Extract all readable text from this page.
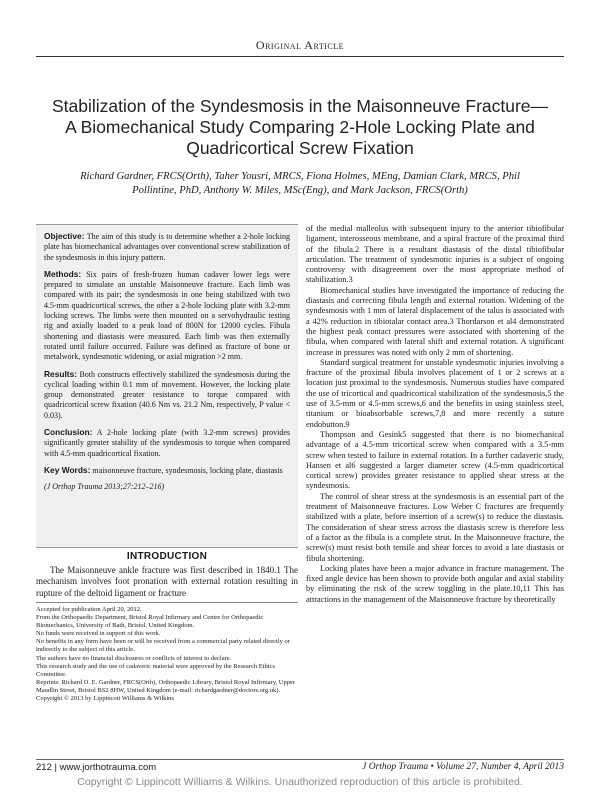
Original Article
Stabilization of the Syndesmosis in the Maisonneuve Fracture—A Biomechanical Study Comparing 2-Hole Locking Plate and Quadricortical Screw Fixation
Richard Gardner, FRCS(Orth), Taher Yousri, MRCS, Fiona Holmes, MEng, Damian Clark, MRCS, Phil Pollintine, PhD, Anthony W. Miles, MSc(Eng), and Mark Jackson, FRCS(Orth)

Objective: The aim of this study is to determine whether a 2-hole locking plate has biomechanical advantages over conventional screw stabilization of the syndesmosis in this injury pattern.

Methods: Six pairs of fresh-frozen human cadaver lower legs were prepared to simulate an unstable Maisonneuve fracture. Each limb was compared with its pair; the syndesmosis in one being stabilized with two 4.5-mm quadricortical screws, the other a 2-hole locking plate with 3.2-mm locking screws. The limbs were then mounted on a servohydraulic testing rig and axially loaded to a peak load of 800N for 12000 cycles. Fibula shortening and diastasis were measured. Each limb was then externally rotated until failure occurred. Failure was defined as fracture of bone or metalwork, syndesmotic widening, or axial migration >2 mm.

Results: Both constructs effectively stabilized the syndesmosis during the cyclical loading within 0.1 mm of movement. However, the locking plate group demonstrated greater resistance to torque compared with quadricortical screw fixation (40.6 Nm vs. 21.2 Nm, respectively, P value < 0.03).

Conclusion: A 2-hole locking plate (with 3.2-mm screws) provides significantly greater stability of the syndesmosis to torque when compared with 4.5-mm quadricortical fixation.

Key Words: maisonneuve fracture, syndesmosis, locking plate, diastasis

(J Orthop Trauma 2013;27:212–216)

INTRODUCTION

The Maisonneuve ankle fracture was first described in 1840.1 The mechanism involves foot pronation with external rotation resulting in rupture of the deltoid ligament or fracture

Accepted for publication April 20, 2012.

From the Orthopaedic Department, Bristol Royal Infirmary and Centre for Orthopaedic Biomechanics, University of Bath, Bristol, United Kingdom.

No funds were received in support of this work.

No benefits in any form have been or will be received from a commercial party related directly or indirectly to the subject of this article.

The authors have no financial disclosures or conflicts of interest to declare.

This research study and the use of cadaveric material were approved by the Research Ethics Committee.

Reprints: Richard O. E. Gardner, FRCS(Orth), Orthopaedic Library, Bristol Royal Infirmary, Upper Maudlin Street, Bristol BS2 8HW, United Kingdom (e-mail: richardgardner@doctors.org.uk).

Copyright © 2013 by Lippincott Williams & Wilkins

of the medial malleolus with subsequent injury to the anterior tibiofibular ligament, interosseous membrane, and a spiral fracture of the proximal third of the fibula.2 There is a resultant diastasis of the distal tibiofibular articulation. The treatment of syndesmotic injuries is a subject of ongoing controversy with disagreement over the most appropriate method of stabilization.3

Biomechanical studies have investigated the importance of reducing the diastasis and correcting fibula length and external rotation. Widening of the syndesmosis with 1 mm of lateral displacement of the talus is associated with a 42% reduction in tibiotalar contact area.3 Thordarson et al4 demonstrated the highest peak contact pressures were associated with shortening of the fibula, when compared with lateral shift and external rotation. A significant increase in pressures was noted with only 2 mm of shortening.

Standard surgical treatment for unstable syndesmotic injuries involving a fracture of the proximal fibula involves placement of 1 or 2 screws at a location just proximal to the syndesmosis. Numerous studies have compared the use of tricortical and quadricortical stabilization of the syndesmosis,5 the use of 3.5-mm or 4.5-mm screws,6 and the benefits in using stainless steel, titanium or bioabsorbable screws,7,8 and more recently a suture endobutton.9

Thompson and Gesink5 suggested that there is no biomechanical advantage of a 4.5-mm tricortical screw when compared with a 3.5-mm screw when tested to failure in external rotation. In a further cadaveric study, Hansen et al6 suggested a larger diameter screw (4.5-mm quadricortical cortical screw) provides greater resistance to applied shear stress at the syndesmosis.

The control of shear stress at the syndesmosis is an essential part of the treatment of Maisonneuve fractures. Low Weber C fractures are frequently stabilized with a plate, before insertion of a screw(s) to reduce the diastasis. The consideration of shear stress across the diastasis screw is therefore less of a factor as the fibula is a complete strut. In the Maisonneuve fracture, the screw(s) must resist both tensile and shear forces to avoid a late diastasis or fibula shortening.

Locking plates have been a major advance in fracture management. The fixed angle device has been shown to provide both angular and axial stability by eliminating the risk of the screw toggling in the plate.10,11 This has attractions in the management of the Maisonneuve fracture by theoretically

212 | www.jorthotrauma.com	J Orthop Trauma • Volume 27, Number 4, April 2013
Copyright © Lippincott Williams & Wilkins. Unauthorized reproduction of this article is prohibited.
